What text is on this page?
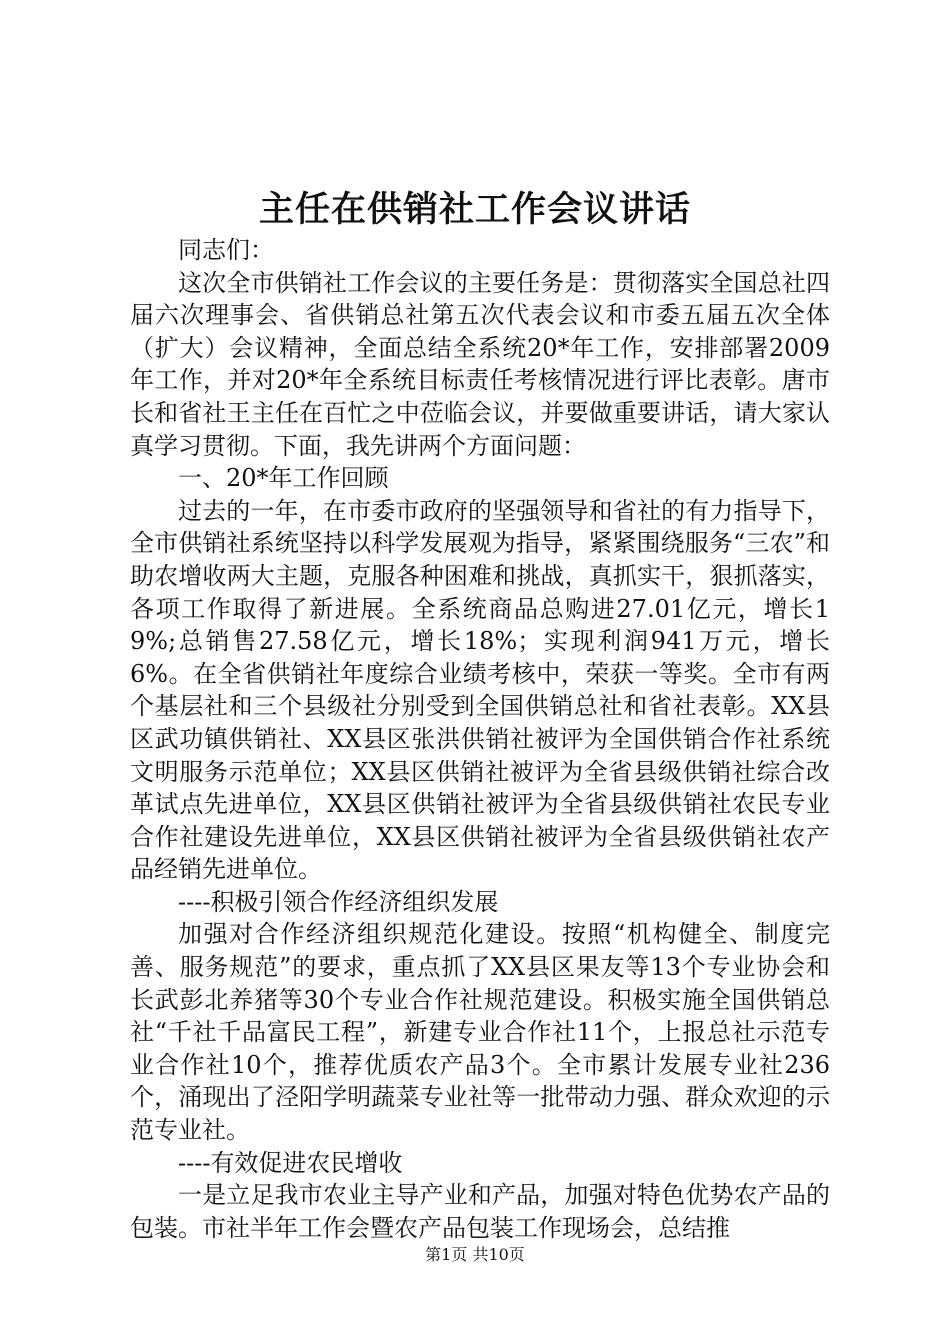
主任在供销社工作会议讲话

同志们：

这次全市供销社工作会议的主要任务是：贯彻落实全国总社四届六次理事会、省供销总社第五次代表会议和市委五届五次全体（扩大）会议精神，全面总结全系统20*年工作，安排部署2009年工作，并对20*年全系统目标责任考核情况进行评比表彰。唐市长和省社王主任在百忙之中莅临会议，并要做重要讲话，请大家认真学习贯彻。下面，我先讲两个方面问题：

一、20*年工作回顾

过去的一年，在市委市政府的坚强领导和省社的有力指导下，全市供销社系统坚持以科学发展观为指导，紧紧围绕服务“三农”和助农增收两大主题，克服各种困难和挑战，真抓实干，狠抓落实，各项工作取得了新进展。全系统商品总购进27.01亿元，增长19%;总销售27.58亿元，增长18%；实现利润941万元，增长6%。在全省供销社年度综合业绩考核中，荣获一等奖。全市有两个基层社和三个县级社分别受到全国供销总社和省社表彰。XX县区武功镇供销社、XX县区张洪供销社被评为全国供销合作社系统文明服务示范单位；XX县区供销社被评为全省县级供销社综合改革试点先进单位，XX县区供销社被评为全省县级供销社农民专业合作社建设先进单位，XX县区供销社被评为全省县级供销社农产品经销先进单位。

----积极引领合作经济组织发展

加强对合作经济组织规范化建设。按照“机构健全、制度完善、服务规范”的要求，重点抓了XX县区果友等13个专业协会和长武彭北养猪等30个专业合作社规范建设。积极实施全国供销总社“千社千品富民工程”，新建专业合作社11个，上报总社示范专业合作社10个，推荐优质农产品3个。全市累计发展专业社236个，涌现出了泾阳学明蔬菜专业社等一批带动力强、群众欢迎的示范专业社。

----有效促进农民增收

一是立足我市农业主导产业和产品，加强对特色优势农产品的包装。市社半年工作会暨农产品包装工作现场会，总结推

第1页 共10页
